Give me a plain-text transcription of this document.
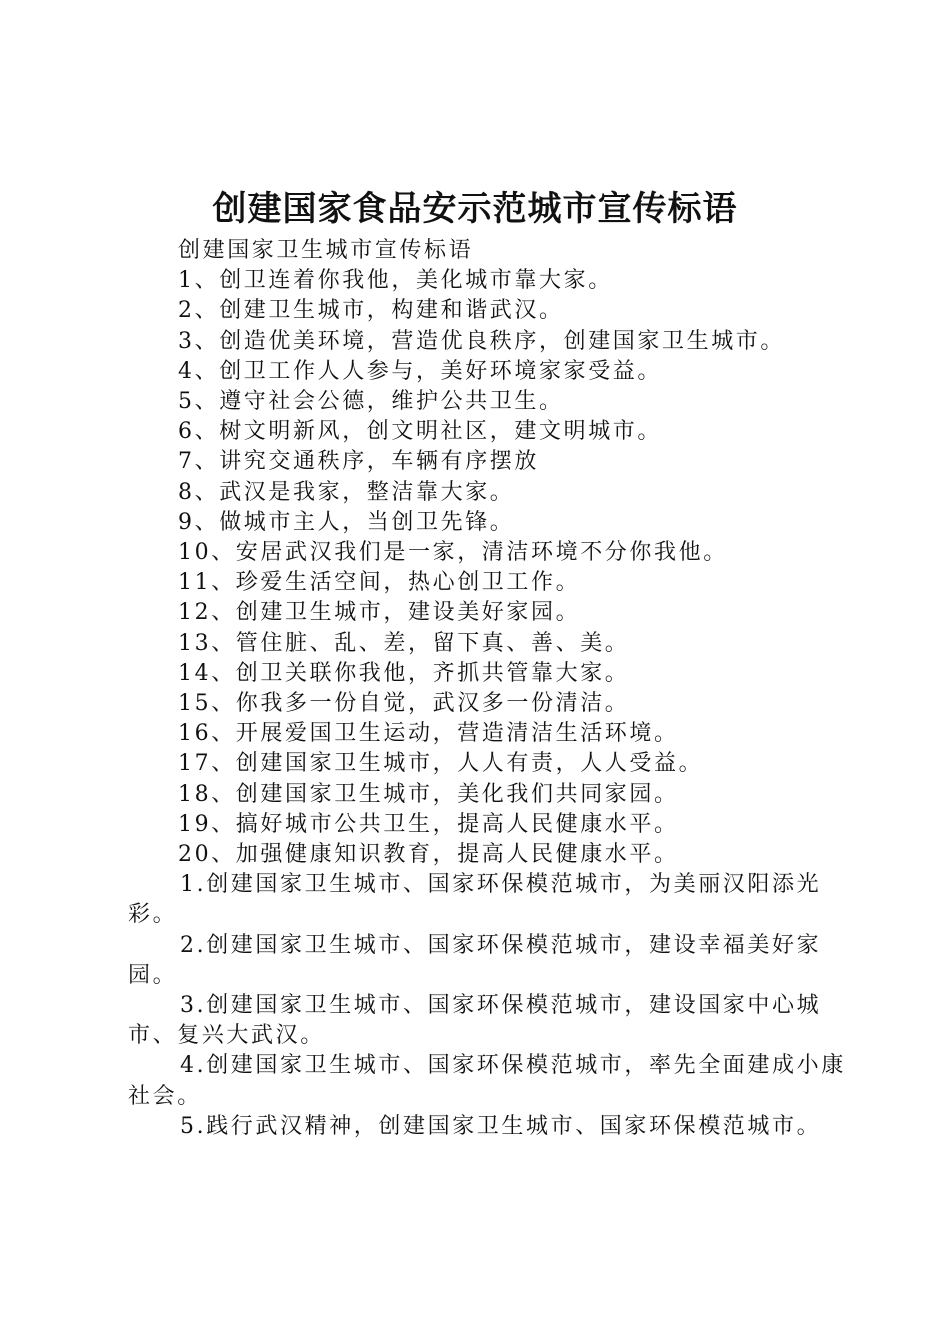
创建国家食品安示范城市宣传标语

创建国家卫生城市宣传标语

1、创卫连着你我他，美化城市靠大家。

2、创建卫生城市，构建和谐武汉。

3、创造优美环境，营造优良秩序，创建国家卫生城市。

4、创卫工作人人参与，美好环境家家受益。

5、遵守社会公德，维护公共卫生。

6、树文明新风，创文明社区，建文明城市。

7、讲究交通秩序，车辆有序摆放

8、武汉是我家，整洁靠大家。

9、做城市主人，当创卫先锋。

10、安居武汉我们是一家，清洁环境不分你我他。

11、珍爱生活空间，热心创卫工作。

12、创建卫生城市，建设美好家园。

13、管住脏、乱、差，留下真、善、美。

14、创卫关联你我他，齐抓共管靠大家。

15、你我多一份自觉，武汉多一份清洁。

16、开展爱国卫生运动，营造清洁生活环境。

17、创建国家卫生城市，人人有责，人人受益。

18、创建国家卫生城市，美化我们共同家园。

19、搞好城市公共卫生，提高人民健康水平。

20、加强健康知识教育，提高人民健康水平。

1.创建国家卫生城市、国家环保模范城市，为美丽汉阳添光彩。

2.创建国家卫生城市、国家环保模范城市，建设幸福美好家园。

3.创建国家卫生城市、国家环保模范城市，建设国家中心城市、复兴大武汉。

4.创建国家卫生城市、国家环保模范城市，率先全面建成小康社会。

5.践行武汉精神，创建国家卫生城市、国家环保模范城市。
